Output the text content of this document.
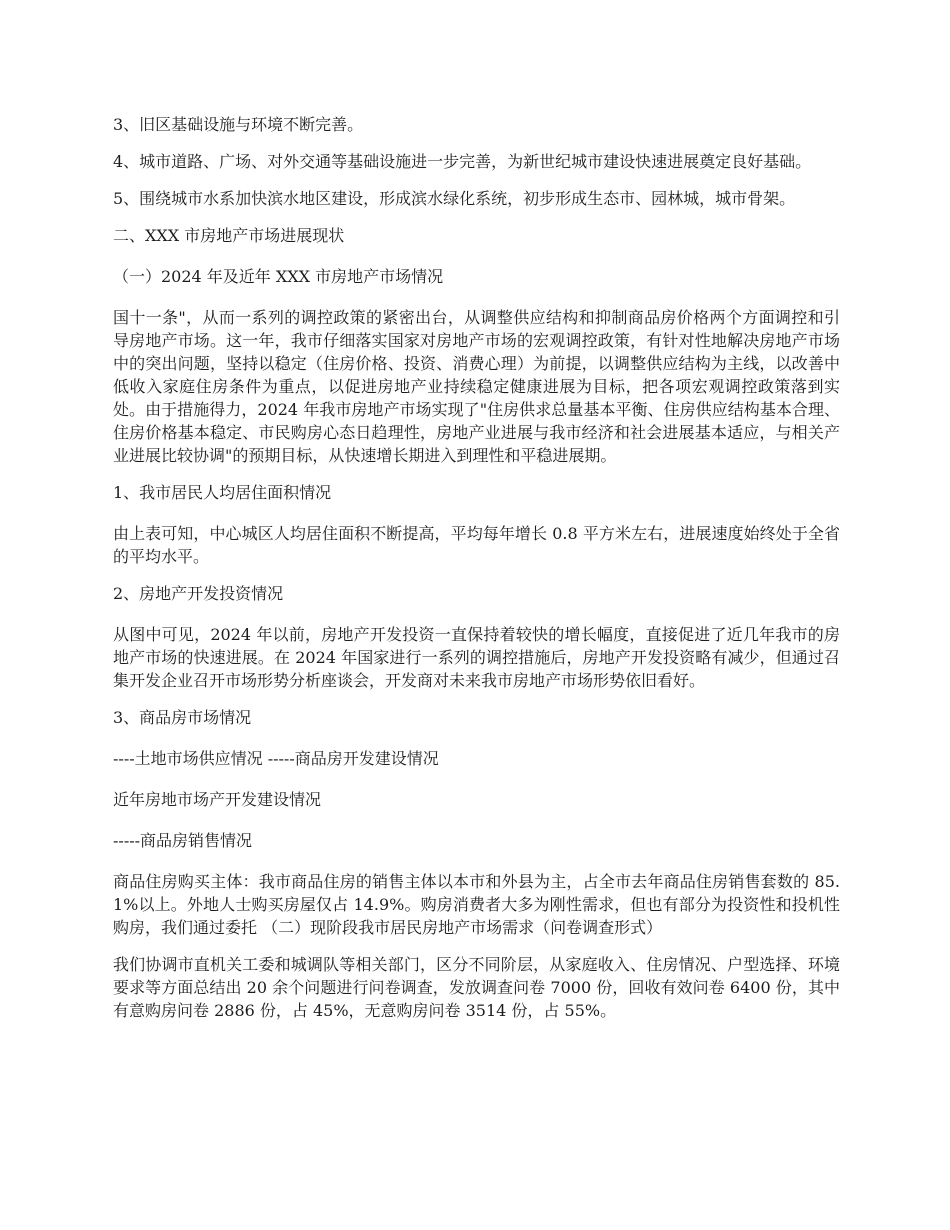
3、旧区基础设施与环境不断完善。

4、城市道路、广场、对外交通等基础设施进一步完善，为新世纪城市建设快速进展奠定良好基础。

5、围绕城市水系加快滨水地区建设，形成滨水绿化系统，初步形成生态市、园林城，城市骨架。

二、XXX 市房地产市场进展现状

（一）2024 年及近年 XXX 市房地产市场情况

国十一条"，从而一系列的调控政策的紧密出台，从调整供应结构和抑制商品房价格两个方面调控和引导房地产市场。这一年，我市仔细落实国家对房地产市场的宏观调控政策，有针对性地解决房地产市场中的突出问题，坚持以稳定（住房价格、投资、消费心理）为前提，以调整供应结构为主线，以改善中低收入家庭住房条件为重点，以促进房地产业持续稳定健康进展为目标，把各项宏观调控政策落到实处。由于措施得力，2024 年我市房地产市场实现了"住房供求总量基本平衡、住房供应结构基本合理、住房价格基本稳定、市民购房心态日趋理性，房地产业进展与我市经济和社会进展基本适应，与相关产业进展比较协调"的预期目标，从快速增长期进入到理性和平稳进展期。

1、我市居民人均居住面积情况

由上表可知，中心城区人均居住面积不断提高，平均每年增长 0.8 平方米左右，进展速度始终处于全省的平均水平。

2、房地产开发投资情况

从图中可见，2024 年以前，房地产开发投资一直保持着较快的增长幅度，直接促进了近几年我市的房地产市场的快速进展。在 2024 年国家进行一系列的调控措施后，房地产开发投资略有减少，但通过召集开发企业召开市场形势分析座谈会，开发商对未来我市房地产市场形势依旧看好。

3、商品房市场情况

----土地市场供应情况 -----商品房开发建设情况

近年房地市场产开发建设情况

-----商品房销售情况

商品住房购买主体：我市商品住房的销售主体以本市和外县为主，占全市去年商品住房销售套数的 85.1%以上。外地人士购买房屋仅占 14.9%。购房消费者大多为刚性需求，但也有部分为投资性和投机性购房，我们通过委托 （二）现阶段我市居民房地产市场需求（问卷调查形式）

我们协调市直机关工委和城调队等相关部门，区分不同阶层，从家庭收入、住房情况、户型选择、环境要求等方面总结出 20 余个问题进行问卷调查，发放调查问卷 7000 份，回收有效问卷 6400 份，其中有意购房问卷 2886 份，占 45%，无意购房问卷 3514 份，占 55%。
